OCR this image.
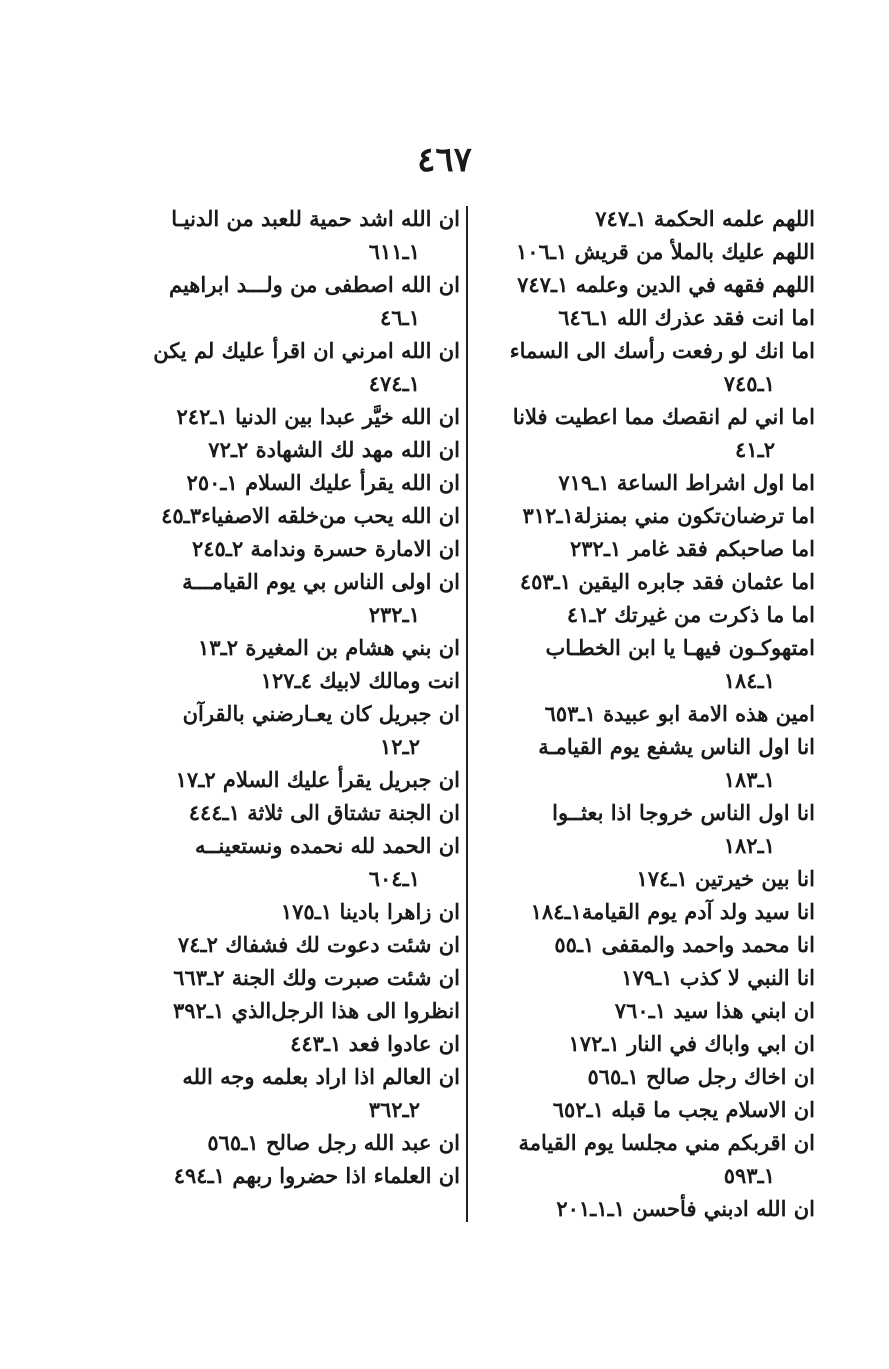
٤٦٧
اللهم علمه الحكمة ١ـ٧٤٧
اللهم عليك بالملأ من قريش ١ـ١٠٦
اللهم فقهه في الدين وعلمه ١ـ٧٤٧
اما انت فقد عذرك الله ١ـ٦٤٦
اما انك لو رفعت رأسك الى السماء
١ـ٧٤٥
اما اني لم انقصك مما اعطيت فلانا
٢ـ٤١
اما اول اشراط الساعة ١ـ٧١٩
اما ترضىان‌تكون مني بمنزلة١ـ٣١٢
اما صاحبكم فقد غامر ١ـ٢٣٢
اما عثمان فقد جابره اليقين ١ـ٤٥٣
اما ما ذكرت من غيرتك ٢ـ٤١
امتهوكـون فيهـا يا ابن الخطـاب
١ـ١٨٤
امين هذه الامة ابو عبيدة ١ـ٦٥٣
انا اول الناس يشفع يوم القيامـة
١ـ١٨٣
انا اول الناس خروجا اذا بعثــوا
١ـ١٨٢
انا بين خيرتين ١ـ١٧٤
انا سيد ولد آدم يوم القيامة١ـ١٨٤
انا محمد واحمد والمقفى ١ـ٥٥
انا النبي لا كذب ١ـ١٧٩
ان ابني هذا سيد ١ـ٧٦٠
ان ابي واباك في النار ١ـ١٧٢
ان اخاك رجل صالح ١ـ٥٦٥
ان الاسلام يجب ما قبله ١ـ٦٥٢
ان اقربكم مني مجلسا يوم القيامة
١ـ٥٩٣
ان الله ادبني فأحسن ١ـ١ـ٢٠١
ان الله اشد حمية للعبد من الدنيـا
١ـ٦١١
ان الله اصطفى من ولـــد ابراهيم
١ـ٤٦
ان الله امرني ان اقرأ عليك لم يكن
١ـ٤٧٤
ان الله خيَّر عبدا بين الدنيا ١ـ٢٤٢
ان الله مهد لك الشهادة ٢ـ٧٢
ان الله يقرأ عليك السلام ١ـ٢٥٠
ان الله يحب من‌خلقه الاصفياء٣ـ٤٥
ان الامارة حسرة وندامة ٢ـ٢٤٥
ان اولى الناس بي يوم القيامـــة
١ـ٢٣٢
ان بني هشام بن المغيرة ٢ـ١٣
انت ومالك لابيك ٤ـ١٢٧
ان جبريل كان يعـارضني بالقرآن
٢ـ١٢
ان جبريل يقرأ عليك السلام ٢ـ١٧
ان الجنة تشتاق الى ثلاثة ١ـ٤٤٤
ان الحمد لله نحمده ونستعينــه
١ـ٦٠٤
ان زاهرا بادينا ١ـ١٧٥
ان شئت دعوت لك فشفاك ٢ـ٧٤
ان شئت صبرت ولك الجنة ٢ـ٦٦٣
انظروا الى هذا الرجل‌الذي ١ـ٣٩٢
ان عادوا فعد ١ـ٤٤٣
ان العالم اذا اراد بعلمه وجه الله
٢ـ٣٦٢
ان عبد الله رجل صالح ١ـ٥٦٥
ان العلماء اذا حضروا ربهم ١ـ٤٩٤
